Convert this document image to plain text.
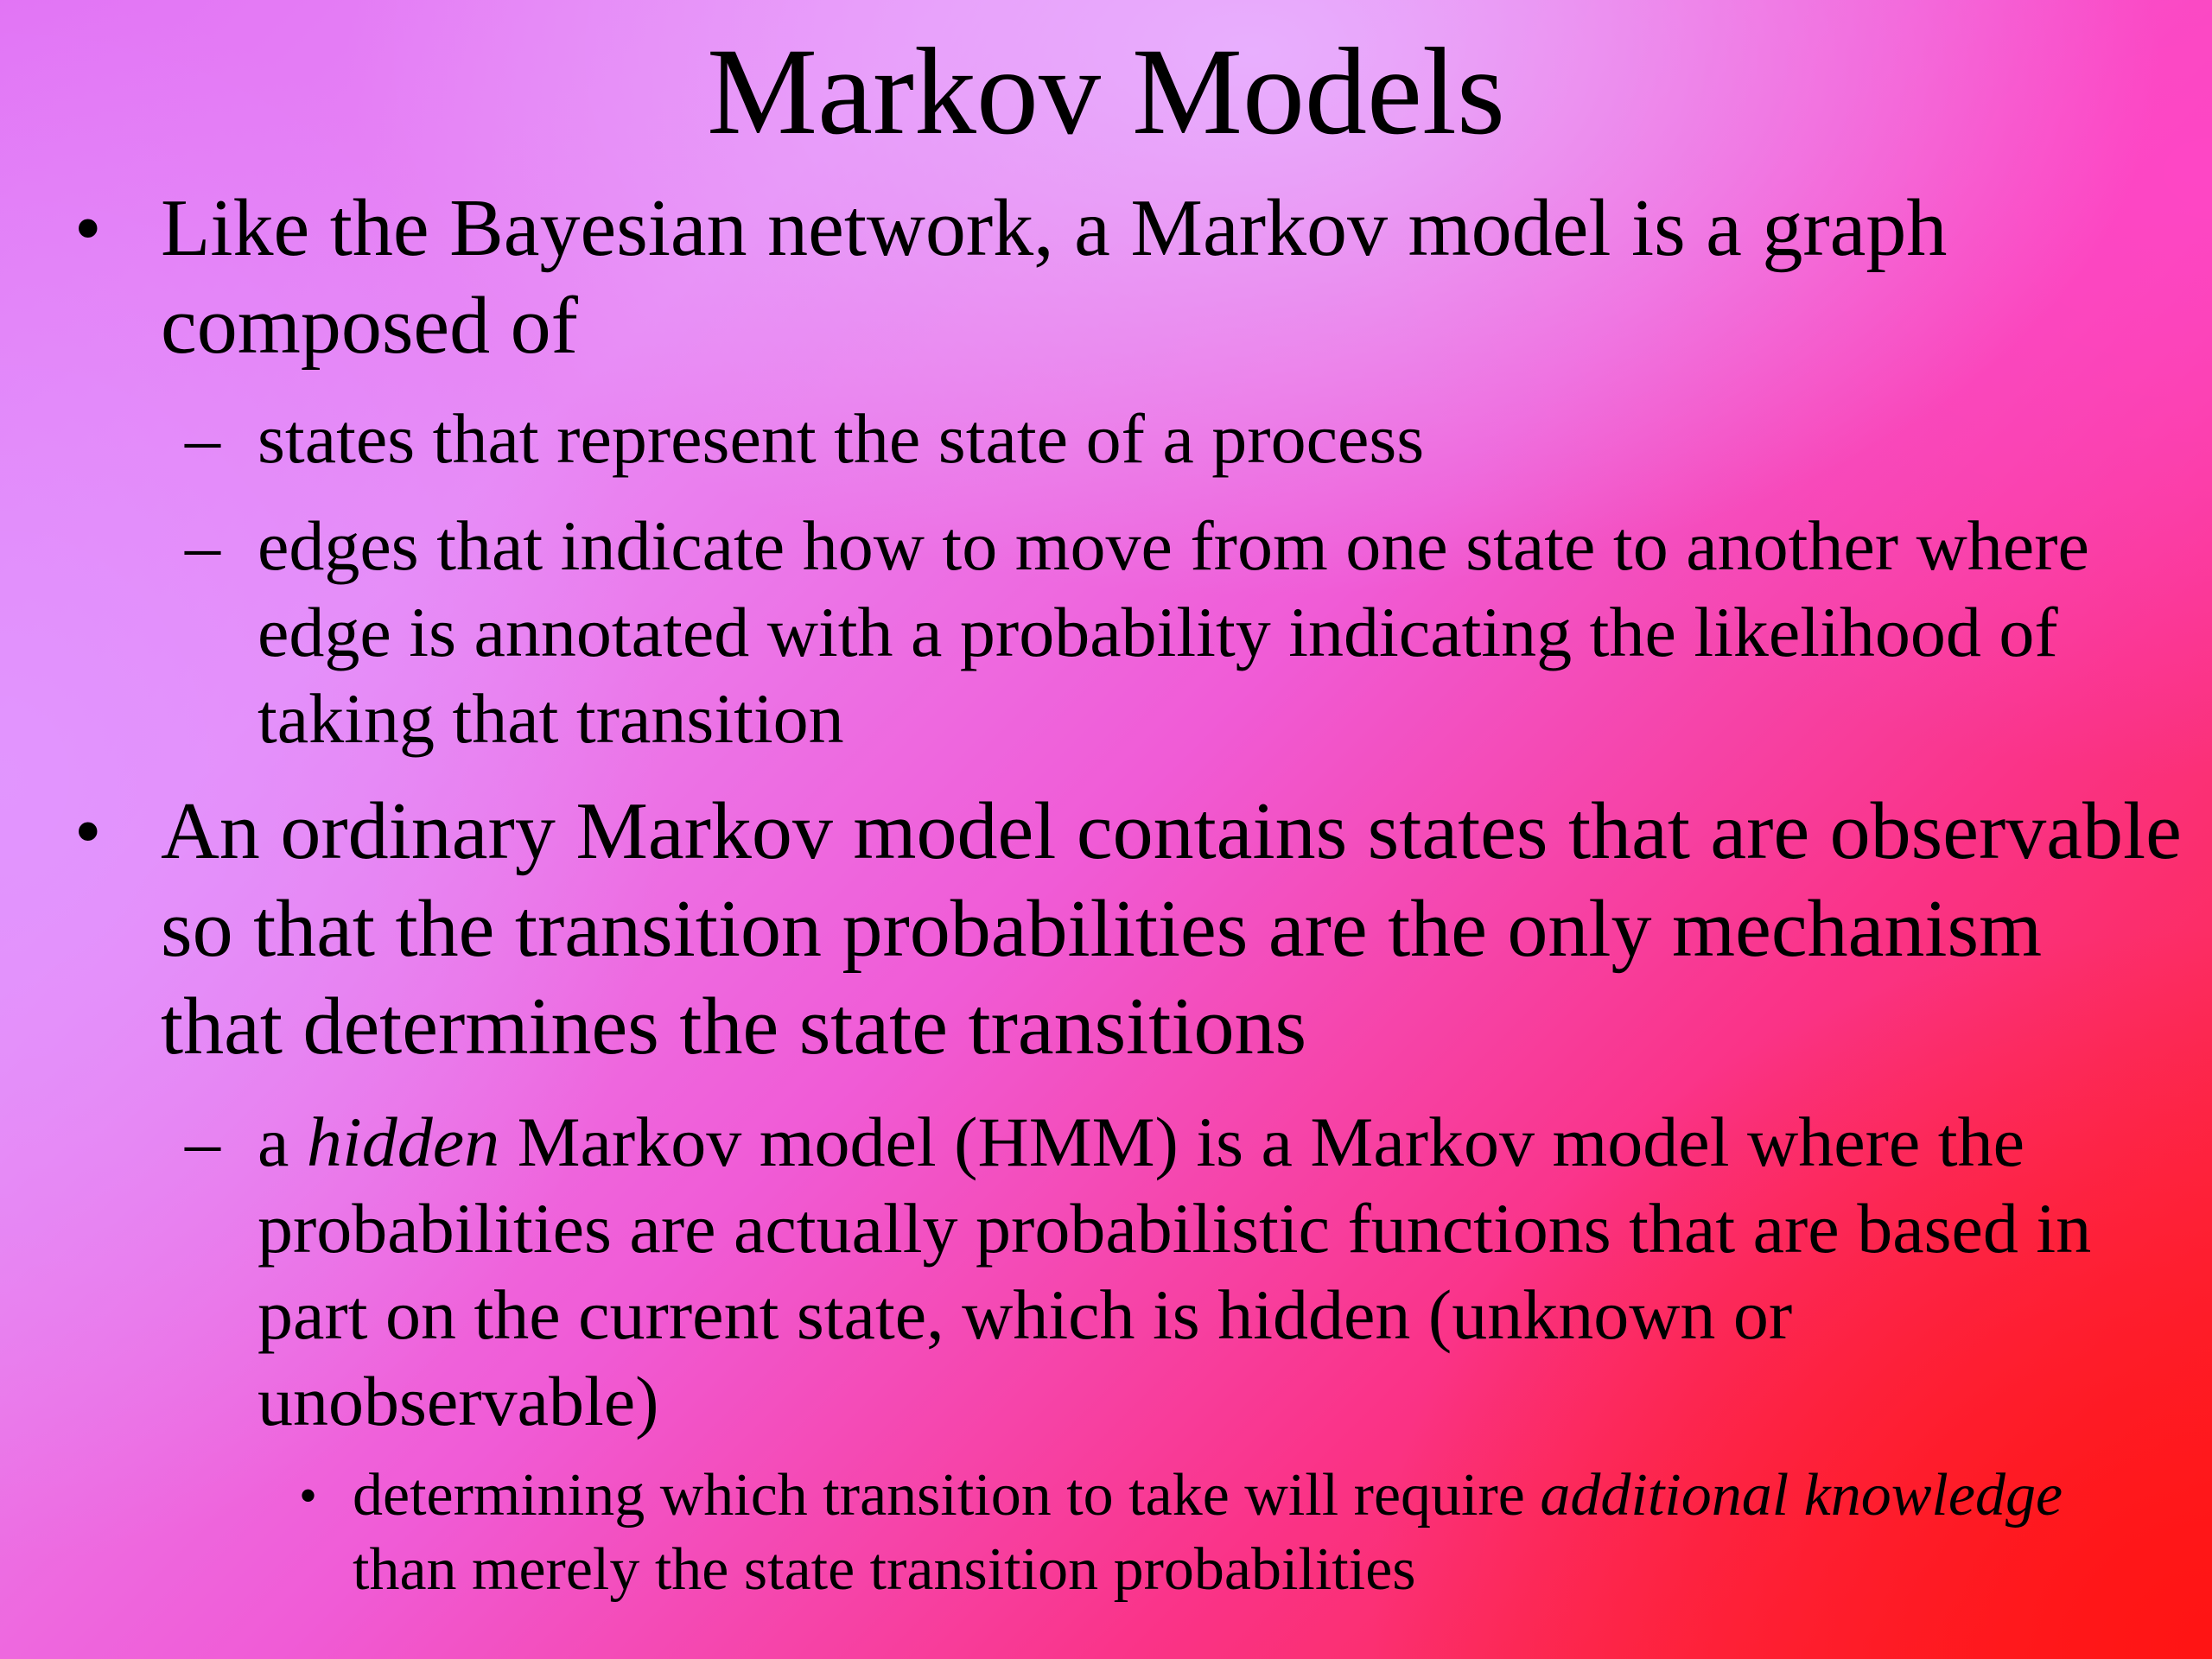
Markov Models
• Like the Bayesian network, a Markov model is a graph composed of
– states that represent the state of a process
– edges that indicate how to move from one state to another where edge is annotated with a probability indicating the likelihood of taking that transition
• An ordinary Markov model contains states that are observable so that the transition probabilities are the only mechanism that determines the state transitions
– a hidden Markov model (HMM) is a Markov model where the probabilities are actually probabilistic functions that are based in part on the current state, which is hidden (unknown or unobservable)
• determining which transition to take will require additional knowledge than merely the state transition probabilities
